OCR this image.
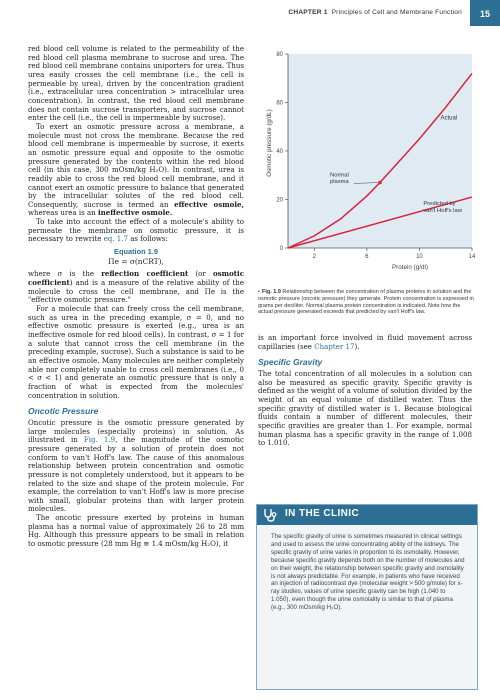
CHAPTER 1 Principles of Cell and Membrane Function	15

red blood cell volume is related to the permeability of the red blood cell plasma membrane to sucrose and urea. The red blood cell membrane contains uniporters for urea. Thus urea easily crosses the cell membrane (i.e., the cell is permeable by urea), driven by the concentration gradient (i.e., extracellular urea concentration > intracellular urea concentration). In contrast, the red blood cell membrane does not contain sucrose transporters, and sucrose cannot enter the cell (i.e., the cell is impermeable by sucrose).

To exert an osmotic pressure across a membrane, a molecule must not cross the membrane. Because the red blood cell membrane is impermeable by sucrose, it exerts an osmotic pressure equal and opposite to the osmotic pressure generated by the contents within the red blood cell (in this case, 300 mOsm/kg H₂O). In contrast, urea is readily able to cross the red blood cell membrane, and it cannot exert an osmotic pressure to balance that generated by the intracellular solutes of the red blood cell. Consequently, sucrose is termed an effective osmole, whereas urea is an ineffective osmole.

To take into account the effect of a molecule's ability to permeate the membrane on osmotic pressure, it is necessary to rewrite eq. 1.7 as follows:

Equation 1.9
Πe = σ(nCRT),

where σ is the reflection coefficient (or osmotic coefficient) and is a measure of the relative ability of the molecule to cross the cell membrane, and Πe is the "effective osmotic pressure."

For a molecule that can freely cross the cell membrane, such as urea in the preceding example, σ = 0, and no effective osmotic pressure is exerted (e.g., urea is an ineffective osmole for red blood cells). In contrast, σ = 1 for a solute that cannot cross the cell membrane (in the preceding example, sucrose). Such a substance is said to be an effective osmole. Many molecules are neither completely able nor completely unable to cross cell membranes (i.e., 0 < σ < 1) and generate an osmotic pressure that is only a fraction of what is expected from the molecules' concentration in solution.

Oncotic Pressure

Oncotic pressure is the osmotic pressure generated by large molecules (especially proteins) in solution. As illustrated in Fig. 1.9, the magnitude of the osmotic pressure generated by a solution of protein does not conform to van't Hoff's law. The cause of this anomalous relationship between protein concentration and osmotic pressure is not completely understood, but it appears to be related to the size and shape of the protein molecule. For example, the correlation to van't Hoff's law is more precise with small, globular proteins than with larger protein molecules.

The oncotic pressure exerted by proteins in human plasma has a normal value of approximately 26 to 28 mm Hg. Although this pressure appears to be small in relation to osmotic pressure (28 mm Hg ≅ 1.4 mOsm/kg H₂O), it

0
20
40
60
80
2	6	10	14
Protein (g/dl)
Osmotic pressure (g/dL)	Actual
Predicted by van't Hoff's law
Normal plasma
▪ Fig. 1.9 Relationship between the concentration of plasma proteins in solution and the osmotic pressure (oncotic pressure) they generate. Protein concentration is expressed in grams per deciliter. Normal plasma protein concentration is indicated. Note how the actual pressure generated exceeds that predicted by van't Hoff's law.

is an important force involved in fluid movement across capillaries (see Chapter 17).

Specific Gravity

The total concentration of all molecules in a solution can also be measured as specific gravity. Specific gravity is defined as the weight of a volume of solution divided by the weight of an equal volume of distilled water. Thus the specific gravity of distilled water is 1. Because biological fluids contain a number of different molecules, their specific gravities are greater than 1. For example, normal human plasma has a specific gravity in the range of 1.008 to 1.010.

IN THE CLINIC
The specific gravity of urine is sometimes measured in clinical settings and used to assess the urine concentrating ability of the kidneys. The specific gravity of urine varies in proportion to its osmolality. However, because specific gravity depends both on the number of molecules and on their weight, the relationship between specific gravity and osmolality is not always predictable. For example, in patients who have received an injection of radiocontrast dye (molecular weight > 500 g/mole) for x-ray studies, values of urine specific gravity can be high (1.040 to 1.050), even though the urine osmolality is similar to that of plasma (e.g., 300 mOsm/kg H₂O).
